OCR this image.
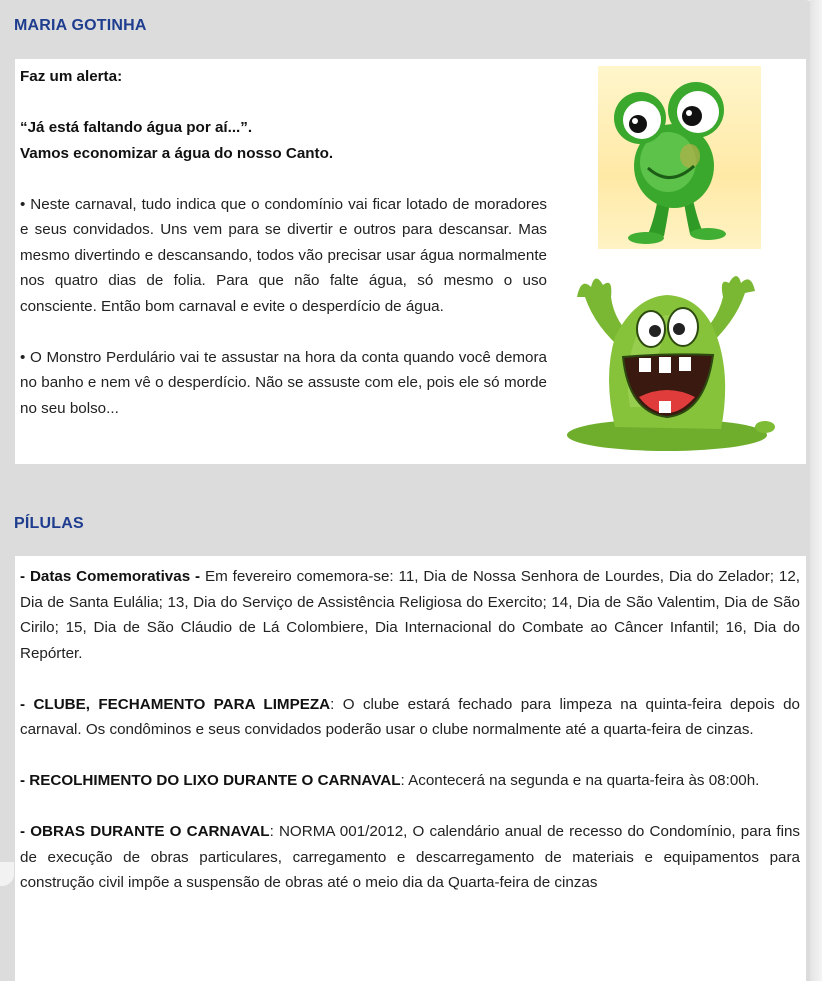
MARIA GOTINHA

Faz um alerta:

“Já está faltando água por aí...”.

Vamos economizar a água do nosso Canto.

• Neste carnaval, tudo indica que o condomínio vai ficar lotado de moradores e seus convidados. Uns vem para se divertir e outros para descansar. Mas mesmo divertindo e descansando, todos vão precisar usar água normalmente nos quatro dias de folia. Para que não falte água, só mesmo o uso consciente. Então bom carnaval e evite o desperdício de água.

• O Monstro Perdulário vai te assustar na hora da conta quando você demora no banho e nem vê o desperdício. Não se assuste com ele, pois ele só morde no seu bolso...

PÍLULAS

- Datas Comemorativas - Em fevereiro comemora-se: 11, Dia de Nossa Senhora de Lourdes, Dia do Zelador; 12, Dia de Santa Eulália; 13, Dia do Serviço de Assistência Religiosa do Exercito; 14, Dia de São Valentim, Dia de São Cirilo; 15, Dia de São Cláudio de Lá Colombiere, Dia Internacional do Combate ao Câncer Infantil; 16, Dia do Repórter.

- CLUBE, FECHAMENTO PARA LIMPEZA: O clube estará fechado para limpeza na quinta-feira depois do carnaval. Os condôminos e seus convidados poderão usar o clube normalmente até a quarta-feira de cinzas.

- RECOLHIMENTO DO LIXO DURANTE O CARNAVAL: Acontecerá na segunda e na quarta-feira às 08:00h.

- OBRAS DURANTE O CARNAVAL: NORMA 001/2012, O calendário anual de recesso do Condomínio, para fins de execução de obras particulares, carregamento e descarregamento de materiais e equipamentos para construção civil impõe a suspensão de obras até o meio dia da Quarta-feira de cinzas
